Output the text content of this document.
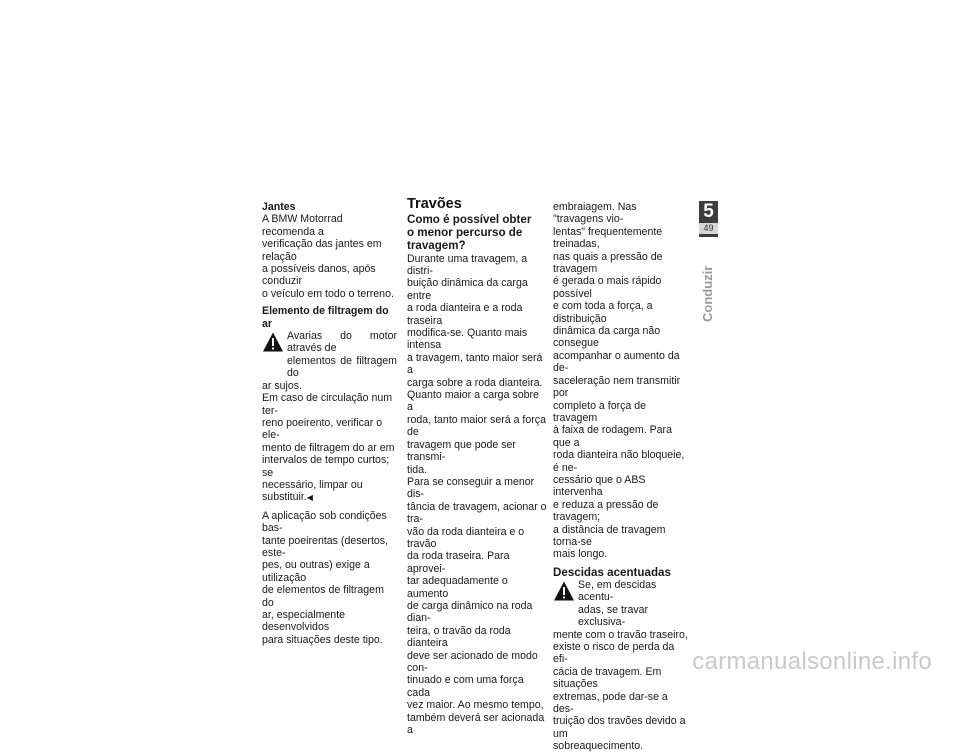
Jantes

A BMW Motorrad recomenda a

verificação das jantes em relação

a possíveis danos, após conduzir

o veículo em todo o terreno.

Elemento de filtragem do ar

Avarias do motor através de

elementos de filtragem do

ar sujos.

Em caso de circulação num ter-

reno poeirento, verificar o ele-

mento de filtragem do ar em

intervalos de tempo curtos; se

necessário, limpar ou substituir.◀

A aplicação sob condições bas-

tante poeirentas (desertos, este-

pes, ou outras) exige a utilização

de elementos de filtragem do

ar, especialmente desenvolvidos

para situações deste tipo.

Travões

Como é possível obter

o menor percurso de

travagem?

Durante uma travagem, a distri-

buição dinâmica da carga entre

a roda dianteira e a roda traseira

modifica-se. Quanto mais intensa

a travagem, tanto maior será a

carga sobre a roda dianteira.

Quanto maior a carga sobre a

roda, tanto maior será a força de

travagem que pode ser transmi-

tida.

Para se conseguir a menor dis-

tância de travagem, acionar o tra-

vão da roda dianteira e o travão

da roda traseira. Para aprovei-

tar adequadamente o aumento

de carga dinâmico na roda dian-

teira, o travão da roda dianteira

deve ser acionado de modo con-

tinuado e com uma força cada

vez maior. Ao mesmo tempo,

também deverá ser acionada a

embraiagem. Nas "travagens vio-

lentas" frequentemente treinadas,

nas quais a pressão de travagem

é gerada o mais rápido possível

e com toda a força, a distribuição

dinâmica da carga não consegue

acompanhar o aumento da de-

saceleração nem transmitir por

completo a força de travagem

à faixa de rodagem. Para que a

roda dianteira não bloqueie, é ne-

cessário que o ABS intervenha

e reduza a pressão de travagem;

a distância de travagem torna-se

mais longo.

Descidas acentuadas

Se, em descidas acentu-

adas, se travar exclusiva-

mente com o travão traseiro,

existe o risco de perda da efi-

cácia de travagem. Em situações

extremas, pode dar-se a des-

truição dos travões devido a um

sobreaquecimento.

5
49
Conduzir
carmanualsonline.info
